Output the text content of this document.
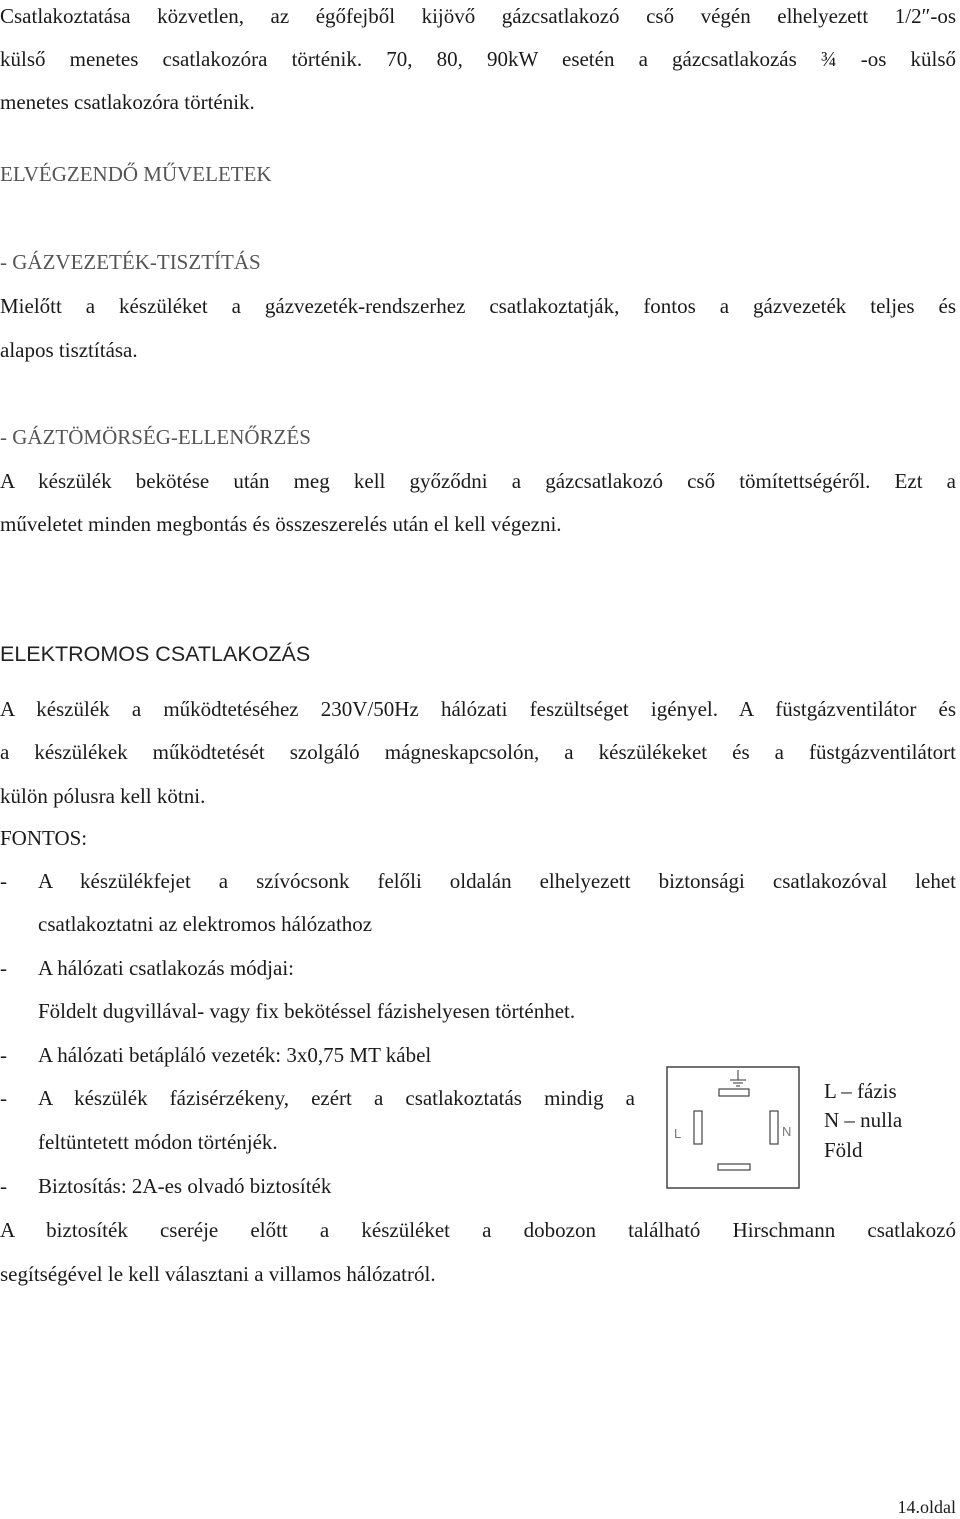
Csatlakoztatása közvetlen, az égőfejből kijövő gázcsatlakozó cső végén elhelyezett 1/2″-os
külső menetes csatlakozóra történik. 70, 80, 90kW esetén a gázcsatlakozás ¾ -os külső
menetes csatlakozóra történik.
ELVÉGZENDŐ MŰVELETEK
- GÁZVEZETÉK-TISZTÍTÁS
Mielőtt a készüléket a gázvezeték-rendszerhez csatlakoztatják, fontos a gázvezeték teljes és
alapos tisztítása.
- GÁZTÖMÖRSÉG-ELLENŐRZÉS
A készülék bekötése után meg kell győződni a gázcsatlakozó cső tömítettségéről. Ezt a
műveletet minden megbontás és összeszerelés után el kell végezni.
ELEKTROMOS CSATLAKOZÁS
A készülék a működtetéséhez 230V/50Hz hálózati feszültséget igényel. A füstgázventilátor és
a készülékek működtetését szolgáló mágneskapcsolón, a készülékeket és a füstgázventilátort
külön pólusra kell kötni.
FONTOS:
- A készülékfejet a szívócsonk felőli oldalán elhelyezett biztonsági csatlakozóval lehet
csatlakoztatni az elektromos hálózathoz
- A hálózati csatlakozás módjai:
Földelt dugvillával- vagy fix bekötéssel fázishelyesen történhet.
- A hálózati betápláló vezeték: 3x0,75 MT kábel
- A készülék fázisérzékeny, ezért a csatlakoztatás mindig a
feltüntetett módon történjék.
- Biztosítás: 2A-es olvadó biztosíték
L	N
L – fázis
N – nulla
Föld
A biztosíték cseréje előtt a készüléket a dobozon található Hirschmann csatlakozó
segítségével le kell választani a villamos hálózatról.
14.oldal
